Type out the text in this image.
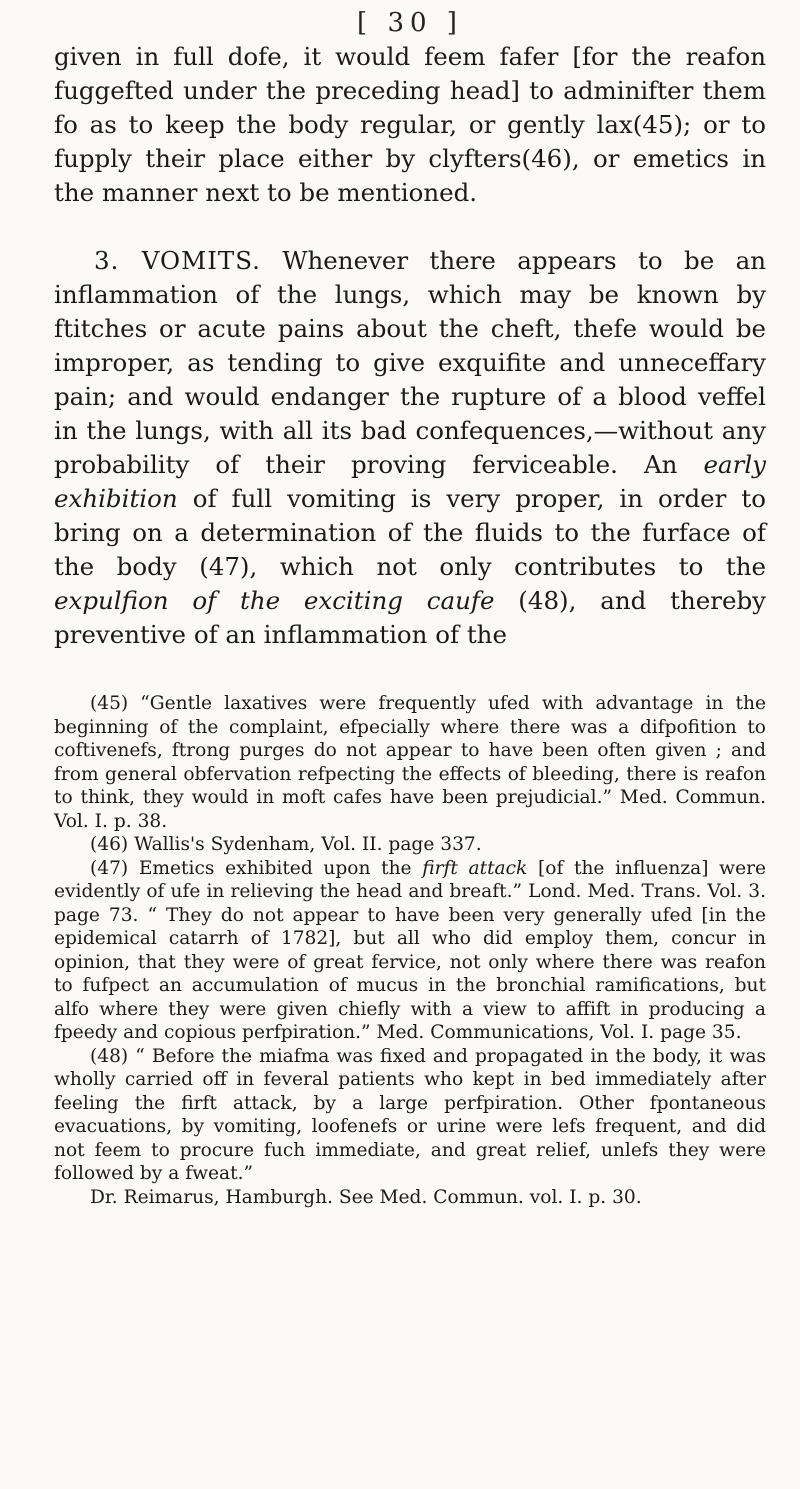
[ 30 ]

given in full dofe, it would feem fafer [for the reafon fuggefted under the preceding head] to adminifter them fo as to keep the body regular, or gently lax(45); or to fupply their place either by clyfters(46), or emetics in the manner next to be mentioned.

3. VOMITS. Whenever there appears to be an inflammation of the lungs, which may be known by ftitches or acute pains about the cheft, thefe would be improper, as tending to give exquifite and unneceffary pain; and would endanger the rupture of a blood veffel in the lungs, with all its bad confequences,—without any probability of their proving ferviceable. An early exhibition of full vomiting is very proper, in order to bring on a determination of the fluids to the furface of the body (47), which not only contributes to the expulfion of the exciting caufe (48), and thereby preventive of an inflammation of the

(45) “Gentle laxatives were frequently ufed with advantage in the beginning of the complaint, efpecially where there was a difpofition to coftivenefs, ftrong purges do not appear to have been often given ; and from general obfervation refpecting the effects of bleeding, there is reafon to think, they would in moft cafes have been prejudicial.” Med. Commun. Vol. I. p. 38.

(46) Wallis's Sydenham, Vol. II. page 337.

(47) Emetics exhibited upon the firft attack [of the influenza] were evidently of ufe in relieving the head and breaft.” Lond. Med. Trans. Vol. 3. page 73. “ They do not appear to have been very generally ufed [in the epidemical catarrh of 1782], but all who did employ them, concur in opinion, that they were of great fervice, not only where there was reafon to fufpect an accumulation of mucus in the bronchial ramifications, but alfo where they were given chiefly with a view to affift in producing a fpeedy and copious perfpiration.” Med. Communications, Vol. I. page 35.

(48) “ Before the miafma was fixed and propagated in the body, it was wholly carried off in feveral patients who kept in bed immediately after feeling the firft attack, by a large perfpiration. Other fpontaneous evacuations, by vomiting, loofenefs or urine were lefs frequent, and did not feem to procure fuch immediate, and great relief, unlefs they were followed by a fweat.”

Dr. Reimarus, Hamburgh. See Med. Commun. vol. I. p. 30.
